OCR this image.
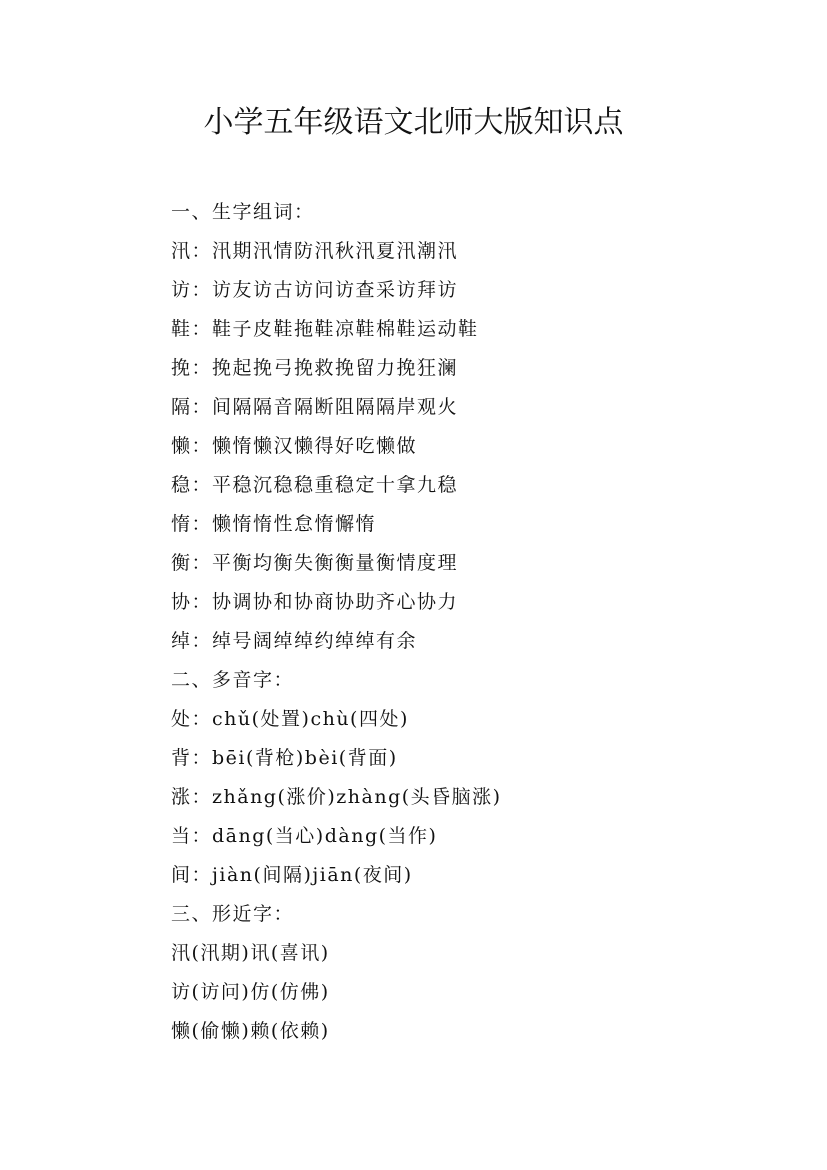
小学五年级语文北师大版知识点
一、生字组词：
汛：汛期汛情防汛秋汛夏汛潮汛
访：访友访古访问访查采访拜访
鞋：鞋子皮鞋拖鞋凉鞋棉鞋运动鞋
挽：挽起挽弓挽救挽留力挽狂澜
隔：间隔隔音隔断阻隔隔岸观火
懒：懒惰懒汉懒得好吃懒做
稳：平稳沉稳稳重稳定十拿九稳
惰：懒惰惰性怠惰懈惰
衡：平衡均衡失衡衡量衡情度理
协：协调协和协商协助齐心协力
绰：绰号阔绰绰约绰绰有余
二、多音字：
处：chǔ(处置)chù(四处)
背：bēi(背枪)bèi(背面)
涨：zhǎng(涨价)zhàng(头昏脑涨)
当：dāng(当心)dàng(当作)
间：jiàn(间隔)jiān(夜间)
三、形近字：
汛(汛期)讯(喜讯)
访(访问)仿(仿佛)
懒(偷懒)赖(依赖)
